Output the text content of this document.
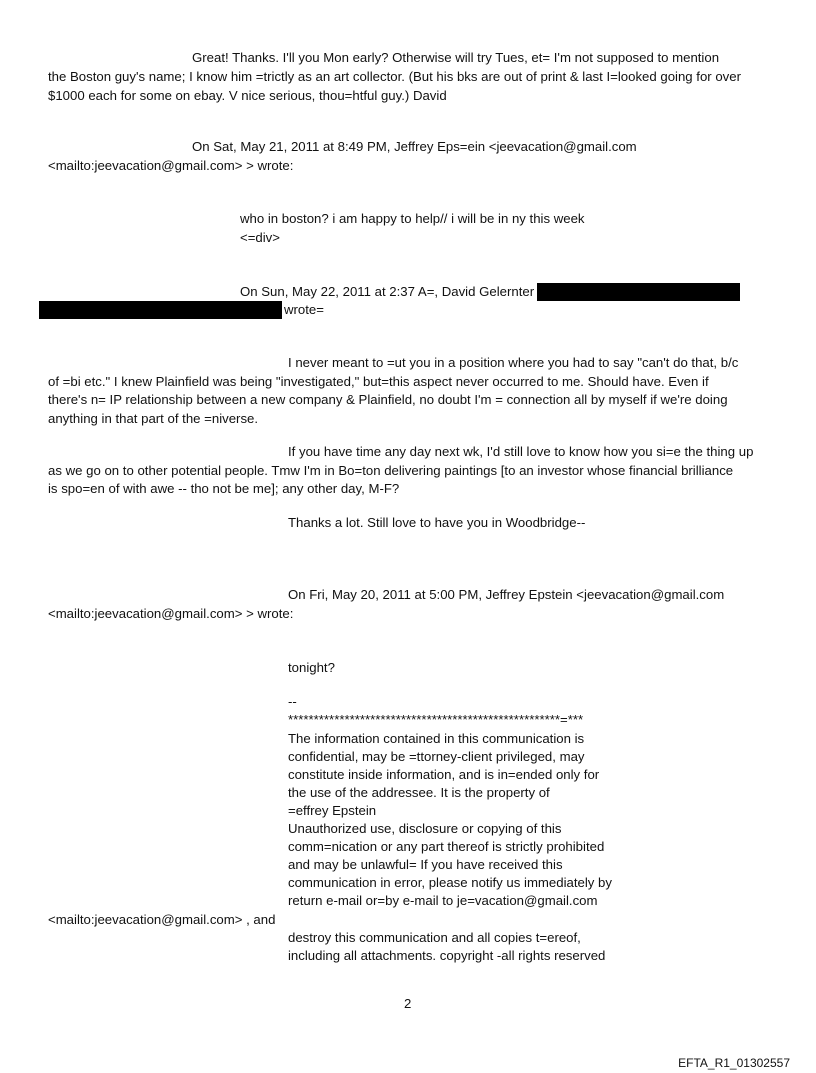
Great! Thanks. I'll you Mon early? Otherwise will try Tues, et= I'm not supposed to mention
the Boston guy's name; I know him =trictly as an art collector. (But his bks are out of print & last I=looked going for over
$1000 each for some on ebay. V nice serious, thou=htful guy.) David
On Sat, May 21, 2011 at 8:49 PM, Jeffrey Eps=ein <jeevacation@gmail.com
<mailto:jeevacation@gmail.com> > wrote:
who in boston? i am happy to help// i will be in ny this week
<=div>
On Sun, May 22, 2011 at 2:37 A=, David Gelernter
wrote=
I never meant to =ut you in a position where you had to say "can't do that, b/c
of =bi etc." I knew Plainfield was being "investigated," but=this aspect never occurred to me. Should have. Even if
there's n= IP relationship between a new company & Plainfield, no doubt I'm = connection all by myself if we're doing
anything in that part of the =niverse.
If you have time any day next wk, I'd still love to know how you si=e the thing up
as we go on to other potential people. Tmw I'm in Bo=ton delivering paintings [to an investor whose financial brilliance
is spo=en of with awe -- tho not be me]; any other day, M-F?
Thanks a lot. Still love to have you in Woodbridge--
On Fri, May 20, 2011 at 5:00 PM, Jeffrey Epstein <jeevacation@gmail.com
<mailto:jeevacation@gmail.com> > wrote:
tonight?
--
*****************************************************=***
The information contained in this communication is
confidential, may be =ttorney-client privileged, may
constitute inside information, and is in=ended only for
the use of the addressee. It is the property of
=effrey Epstein
Unauthorized use, disclosure or copying of this
comm=nication or any part thereof is strictly prohibited
and may be unlawful= If you have received this
communication in error, please notify us immediately by
return e-mail or=by e-mail to je=vacation@gmail.com
<mailto:jeevacation@gmail.com> , and
destroy this communication and all copies t=ereof,
including all attachments. copyright -all rights reserved
2
EFTA_R1_01302557
